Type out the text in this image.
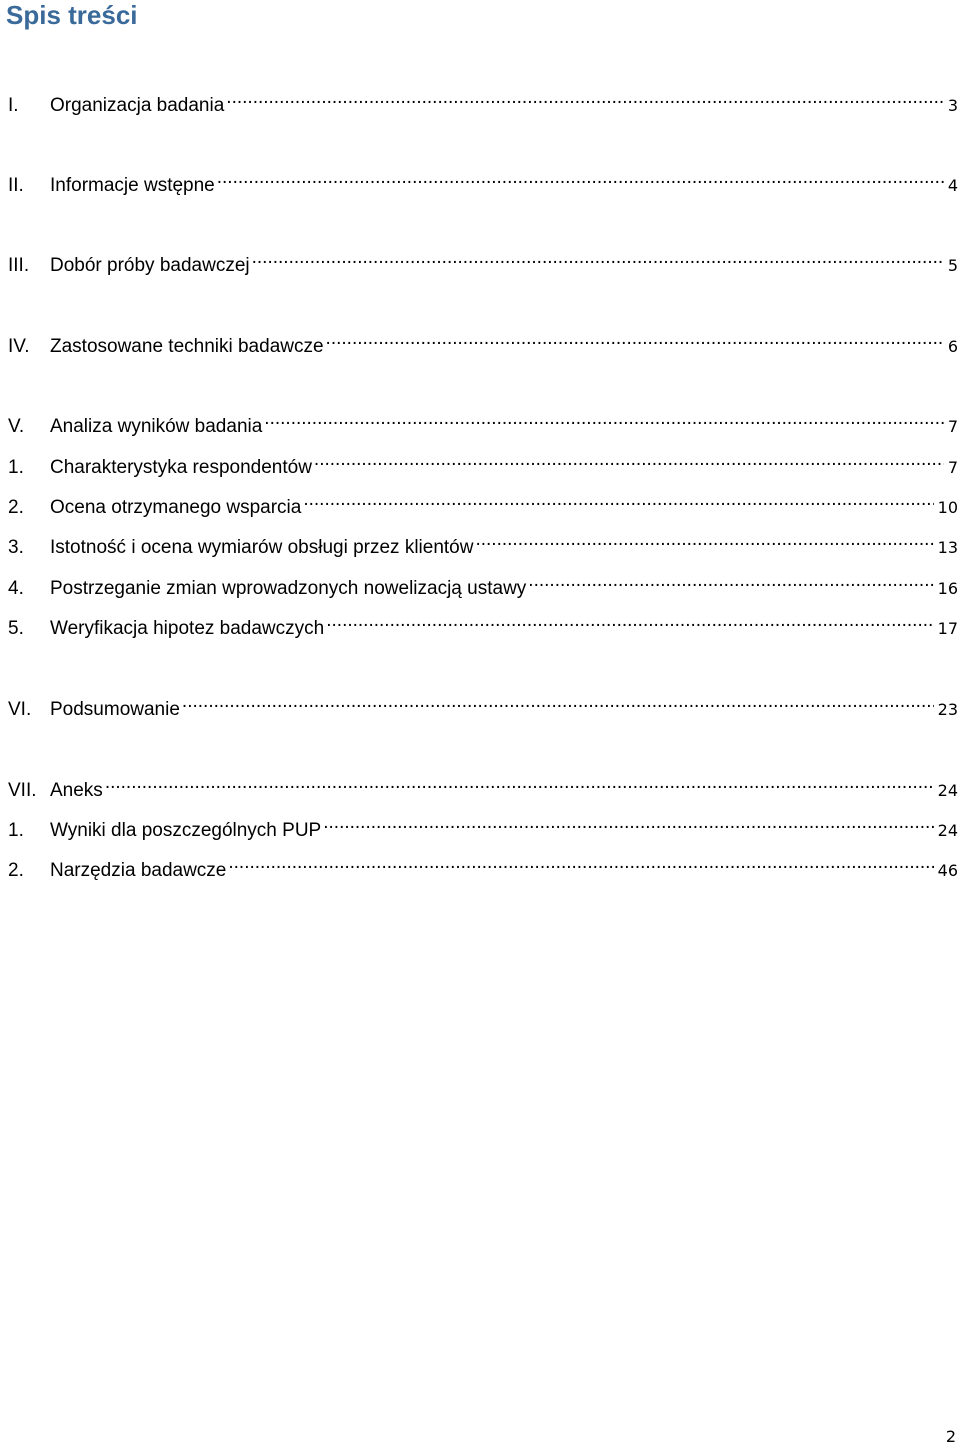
Spis treści
I.	Organizacja badania .....	3
II.	Informacje wstępne .....	4
III.	Dobór próby badawczej .....	5
IV.	Zastosowane techniki badawcze .....	6
V.	Analiza wyników badania .....	7
1.	Charakterystyka respondentów .....	7
2.	Ocena otrzymanego wsparcia .....	10
3.	Istotność i ocena wymiarów obsługi przez klientów .....	13
4.	Postrzeganie zmian wprowadzonych nowelizacją ustawy .....	16
5.	Weryfikacja hipotez badawczych .....	17
VI. Podsumowanie .....	23
VII. Aneks .....	24
1.	Wyniki dla poszczególnych PUP .....	24
2.	Narzędzia badawcze .....	46
2
